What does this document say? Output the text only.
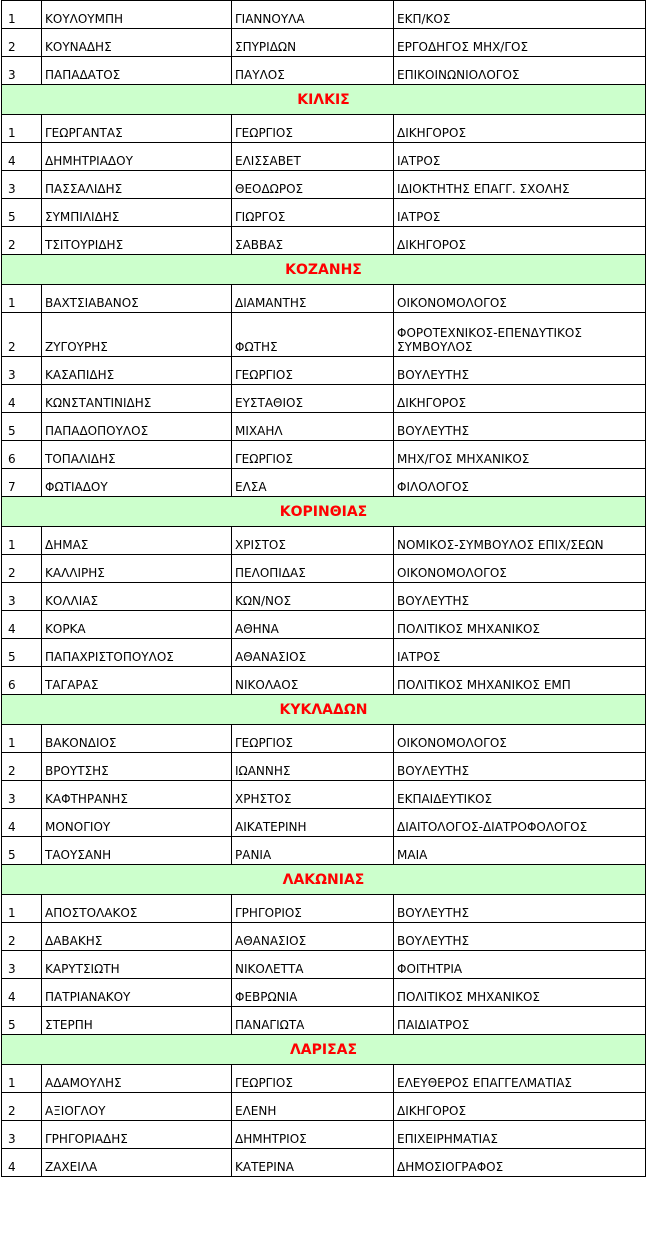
1	ΚΟΥΛΟΥΜΠΗ	ΓΙΑΝΝΟΥΛΑ	ΕΚΠ/ΚΟΣ
2	ΚΟΥΝΑΔΗΣ	ΣΠΥΡΙΔΩΝ	ΕΡΓΟΔΗΓΟΣ ΜΗΧ/ΓΟΣ
3	ΠΑΠΑΔΑΤΟΣ	ΠΑΥΛΟΣ	ΕΠΙΚΟΙΝΩΝΙΟΛΟΓΟΣ
ΚΙΛΚΙΣ			
1	ΓΕΩΡΓΑΝΤΑΣ	ΓΕΩΡΓΙΟΣ	ΔΙΚΗΓΟΡΟΣ
4	ΔΗΜΗΤΡΙΑΔΟΥ	ΕΛΙΣΣΑΒΕΤ	ΙΑΤΡΟΣ
3	ΠΑΣΣΑΛΙΔΗΣ	ΘΕΟΔΩΡΟΣ	ΙΔΙΟΚΤΗΤΗΣ ΕΠΑΓΓ. ΣΧΟΛΗΣ
5	ΣΥΜΠΙΛΙΔΗΣ	ΓΙΩΡΓΟΣ	ΙΑΤΡΟΣ
2	ΤΣΙΤΟΥΡΙΔΗΣ	ΣΑΒΒΑΣ	ΔΙΚΗΓΟΡΟΣ
ΚΟΖΑΝΗΣ			
1	ΒΑΧΤΣΙΑΒΑΝΟΣ	ΔΙΑΜΑΝΤΗΣ	ΟΙΚΟΝΟΜΟΛΟΓΟΣ
2	ΖΥΓΟΥΡΗΣ	ΦΩΤΗΣ	ΦΟΡΟΤΕΧΝΙΚΟΣ-ΕΠΕΝΔΥΤΙΚΟΣ ΣΥΜΒΟΥΛΟΣ
3	ΚΑΣΑΠΙΔΗΣ	ΓΕΩΡΓΙΟΣ	ΒΟΥΛΕΥΤΗΣ
4	ΚΩΝΣΤΑΝΤΙΝΙΔΗΣ	ΕΥΣΤΑΘΙΟΣ	ΔΙΚΗΓΟΡΟΣ
5	ΠΑΠΑΔΟΠΟΥΛΟΣ	ΜΙΧΑΗΛ	ΒΟΥΛΕΥΤΗΣ
6	ΤΟΠΑΛΙΔΗΣ	ΓΕΩΡΓΙΟΣ	ΜΗΧ/ΓΟΣ ΜΗΧΑΝΙΚΟΣ
7	ΦΩΤΙΑΔΟΥ	ΕΛΣΑ	ΦΙΛΟΛΟΓΟΣ
ΚΟΡΙΝΘΙΑΣ			
1	ΔΗΜΑΣ	ΧΡΙΣΤΟΣ	ΝΟΜΙΚΟΣ-ΣΥΜΒΟΥΛΟΣ ΕΠΙΧ/ΣΕΩΝ
2	ΚΑΛΛΙΡΗΣ	ΠΕΛΟΠΙΔΑΣ	ΟΙΚΟΝΟΜΟΛΟΓΟΣ
3	ΚΟΛΛΙΑΣ	ΚΩΝ/ΝΟΣ	ΒΟΥΛΕΥΤΗΣ
4	ΚΟΡΚΑ	ΑΘΗΝΑ	ΠΟΛΙΤΙΚΟΣ ΜΗΧΑΝΙΚΟΣ
5	ΠΑΠΑΧΡΙΣΤΟΠΟΥΛΟΣ	ΑΘΑΝΑΣΙΟΣ	ΙΑΤΡΟΣ
6	ΤΑΓΑΡΑΣ	ΝΙΚΟΛΑΟΣ	ΠΟΛΙΤΙΚΟΣ ΜΗΧΑΝΙΚΟΣ ΕΜΠ
ΚΥΚΛΑΔΩΝ			
1	ΒΑΚΟΝΔΙΟΣ	ΓΕΩΡΓΙΟΣ	ΟΙΚΟΝΟΜΟΛΟΓΟΣ
2	ΒΡΟΥΤΣΗΣ	ΙΩΑΝΝΗΣ	ΒΟΥΛΕΥΤΗΣ
3	ΚΑΦΤΗΡΑΝΗΣ	ΧΡΗΣΤΟΣ	ΕΚΠΑΙΔΕΥΤΙΚΟΣ
4	ΜΟΝΟΓΙΟΥ	ΑΙΚΑΤΕΡΙΝΗ	ΔΙΑΙΤΟΛΟΓΟΣ-ΔΙΑΤΡΟΦΟΛΟΓΟΣ
5	ΤΑΟΥΣΑΝΗ	ΡΑΝΙΑ	ΜΑΙΑ
ΛΑΚΩΝΙΑΣ			
1	ΑΠΟΣΤΟΛΑΚΟΣ	ΓΡΗΓΟΡΙΟΣ	ΒΟΥΛΕΥΤΗΣ
2	ΔΑΒΑΚΗΣ	ΑΘΑΝΑΣΙΟΣ	ΒΟΥΛΕΥΤΗΣ
3	ΚΑΡΥΤΣΙΩΤΗ	ΝΙΚΟΛΕΤΤΑ	ΦΟΙΤΗΤΡΙΑ
4	ΠΑΤΡΙΑΝΑΚΟΥ	ΦΕΒΡΩΝΙΑ	ΠΟΛΙΤΙΚΟΣ ΜΗΧΑΝΙΚΟΣ
5	ΣΤΕΡΠΗ	ΠΑΝΑΓΙΩΤΑ	ΠΑΙΔΙΑΤΡΟΣ
ΛΑΡΙΣΑΣ			
1	ΑΔΑΜΟΥΛΗΣ	ΓΕΩΡΓΙΟΣ	ΕΛΕΥΘΕΡΟΣ ΕΠΑΓΓΕΛΜΑΤΙΑΣ
2	ΑΞΙΟΓΛΟΥ	ΕΛΕΝΗ	ΔΙΚΗΓΟΡΟΣ
3	ΓΡΗΓΟΡΙΑΔΗΣ	ΔΗΜΗΤΡΙΟΣ	ΕΠΙΧΕΙΡΗΜΑΤΙΑΣ
4	ΖΑΧΕΙΛΑ	ΚΑΤΕΡΙΝΑ	ΔΗΜΟΣΙΟΓΡΑΦΟΣ
